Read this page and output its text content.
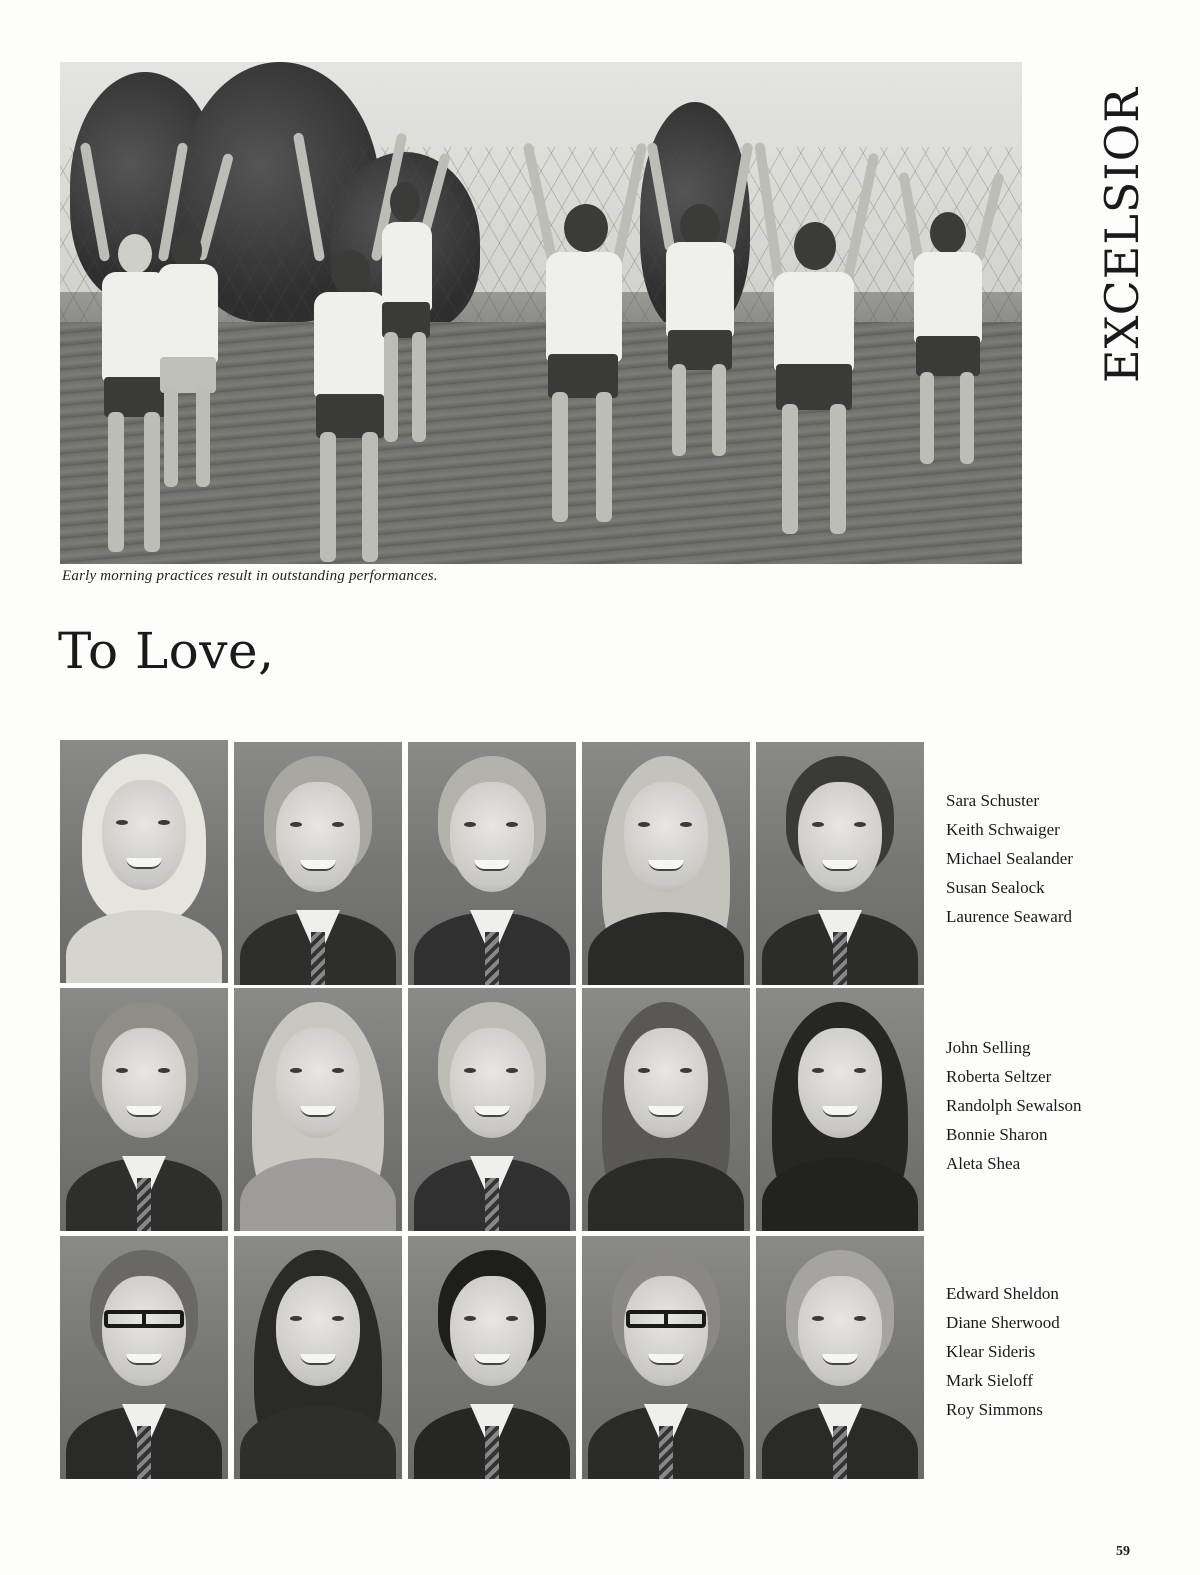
Early morning practices result in outstanding performances.
EXCELSIOR
To Love,
Sara Schuster
Keith Schwaiger
Michael Sealander
Susan Sealock
Laurence Seaward
John Selling
Roberta Seltzer
Randolph Sewalson
Bonnie Sharon
Aleta Shea
Edward Sheldon
Diane Sherwood
Klear Sideris
Mark Sieloff
Roy Simmons
59
